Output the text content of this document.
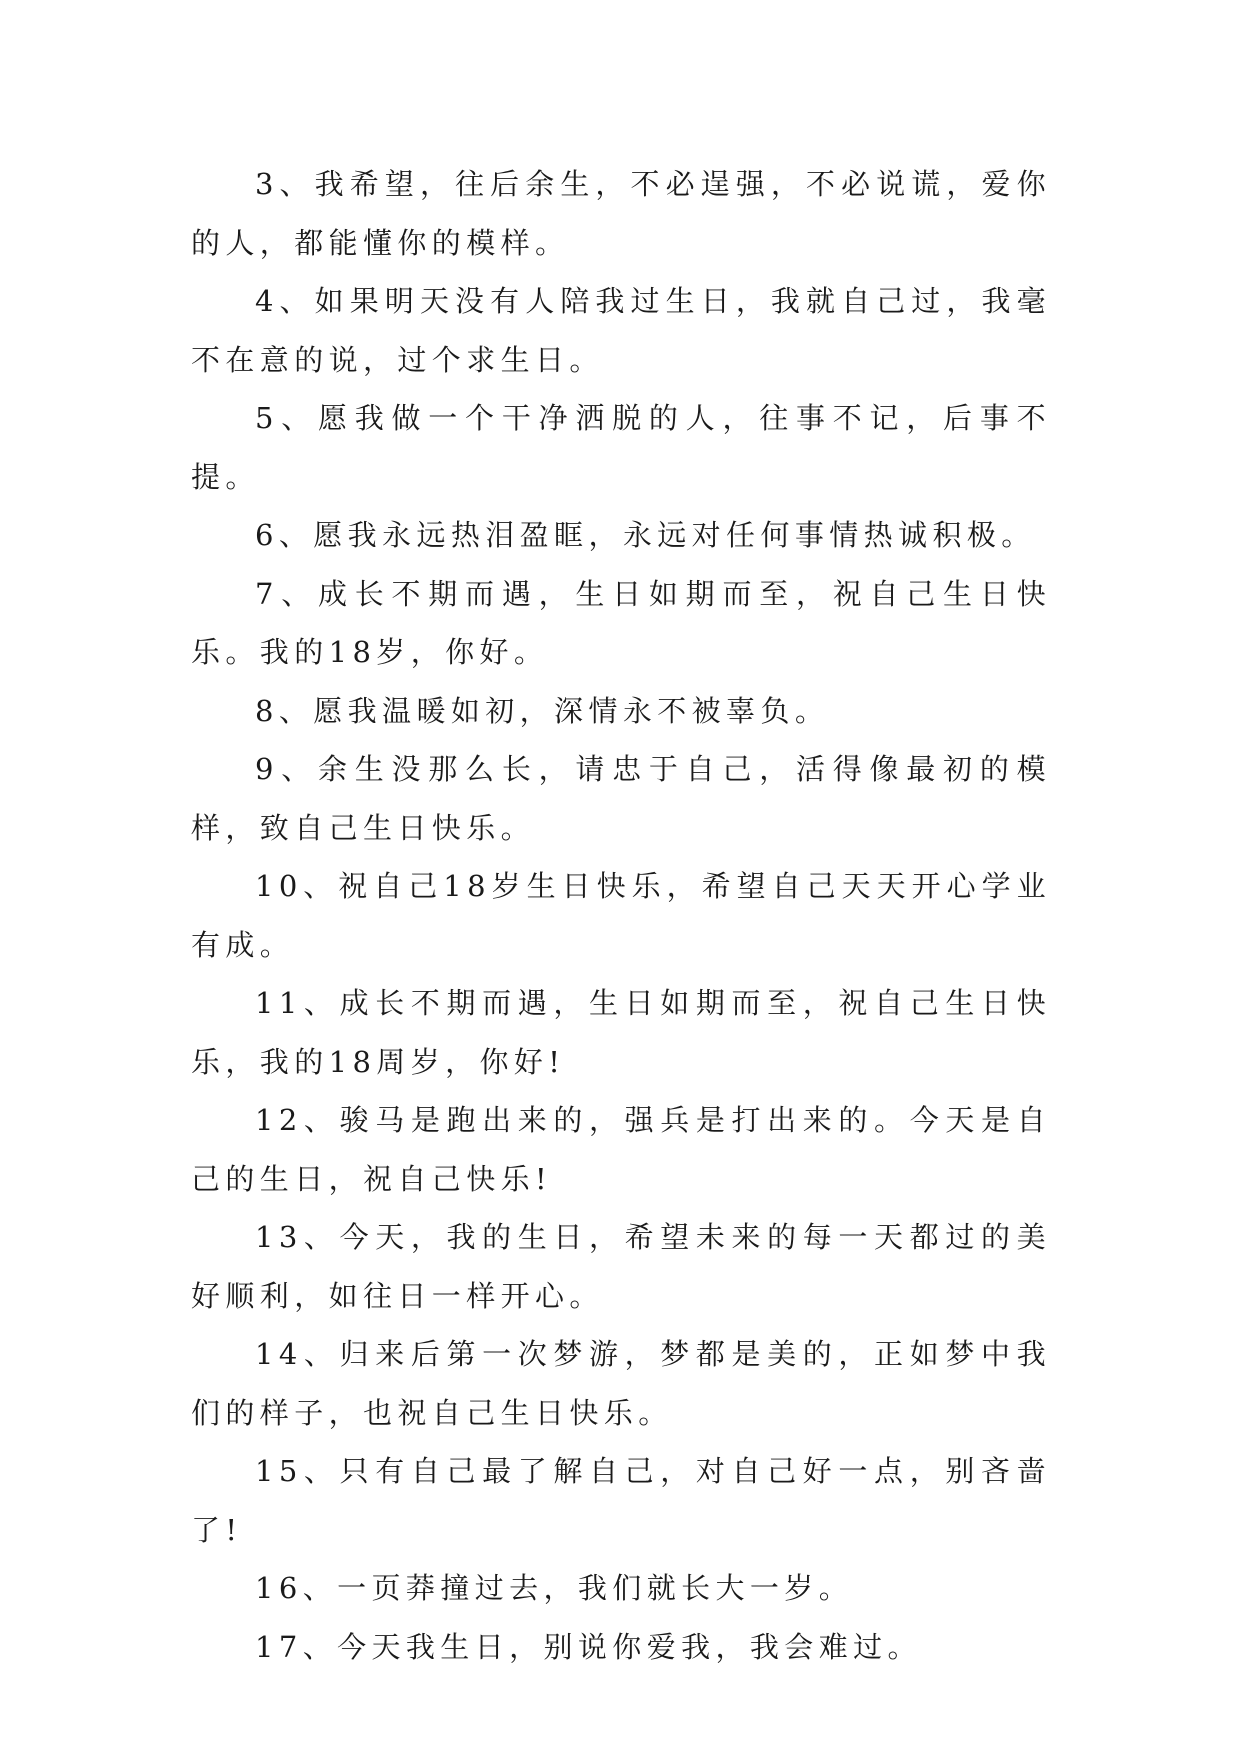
3、我希望，往后余生，不必逞强，不必说谎，爱你的人，都能懂你的模样。

4、如果明天没有人陪我过生日，我就自己过，我毫不在意的说，过个求生日。

5、愿我做一个干净洒脱的人，往事不记，后事不提。

6、愿我永远热泪盈眶，永远对任何事情热诚积极。

7、成长不期而遇，生日如期而至，祝自己生日快乐。我的18岁，你好。

8、愿我温暖如初，深情永不被辜负。

9、余生没那么长，请忠于自己，活得像最初的模样，致自己生日快乐。

10、祝自己18岁生日快乐，希望自己天天开心学业有成。

11、成长不期而遇，生日如期而至，祝自己生日快乐，我的18周岁，你好!

12、骏马是跑出来的，强兵是打出来的。今天是自己的生日，祝自己快乐!

13、今天，我的生日，希望未来的每一天都过的美好顺利，如往日一样开心。

14、归来后第一次梦游，梦都是美的，正如梦中我们的样子，也祝自己生日快乐。

15、只有自己最了解自己，对自己好一点，别吝啬了!

16、一页莽撞过去，我们就长大一岁。

17、今天我生日，别说你爱我，我会难过。
